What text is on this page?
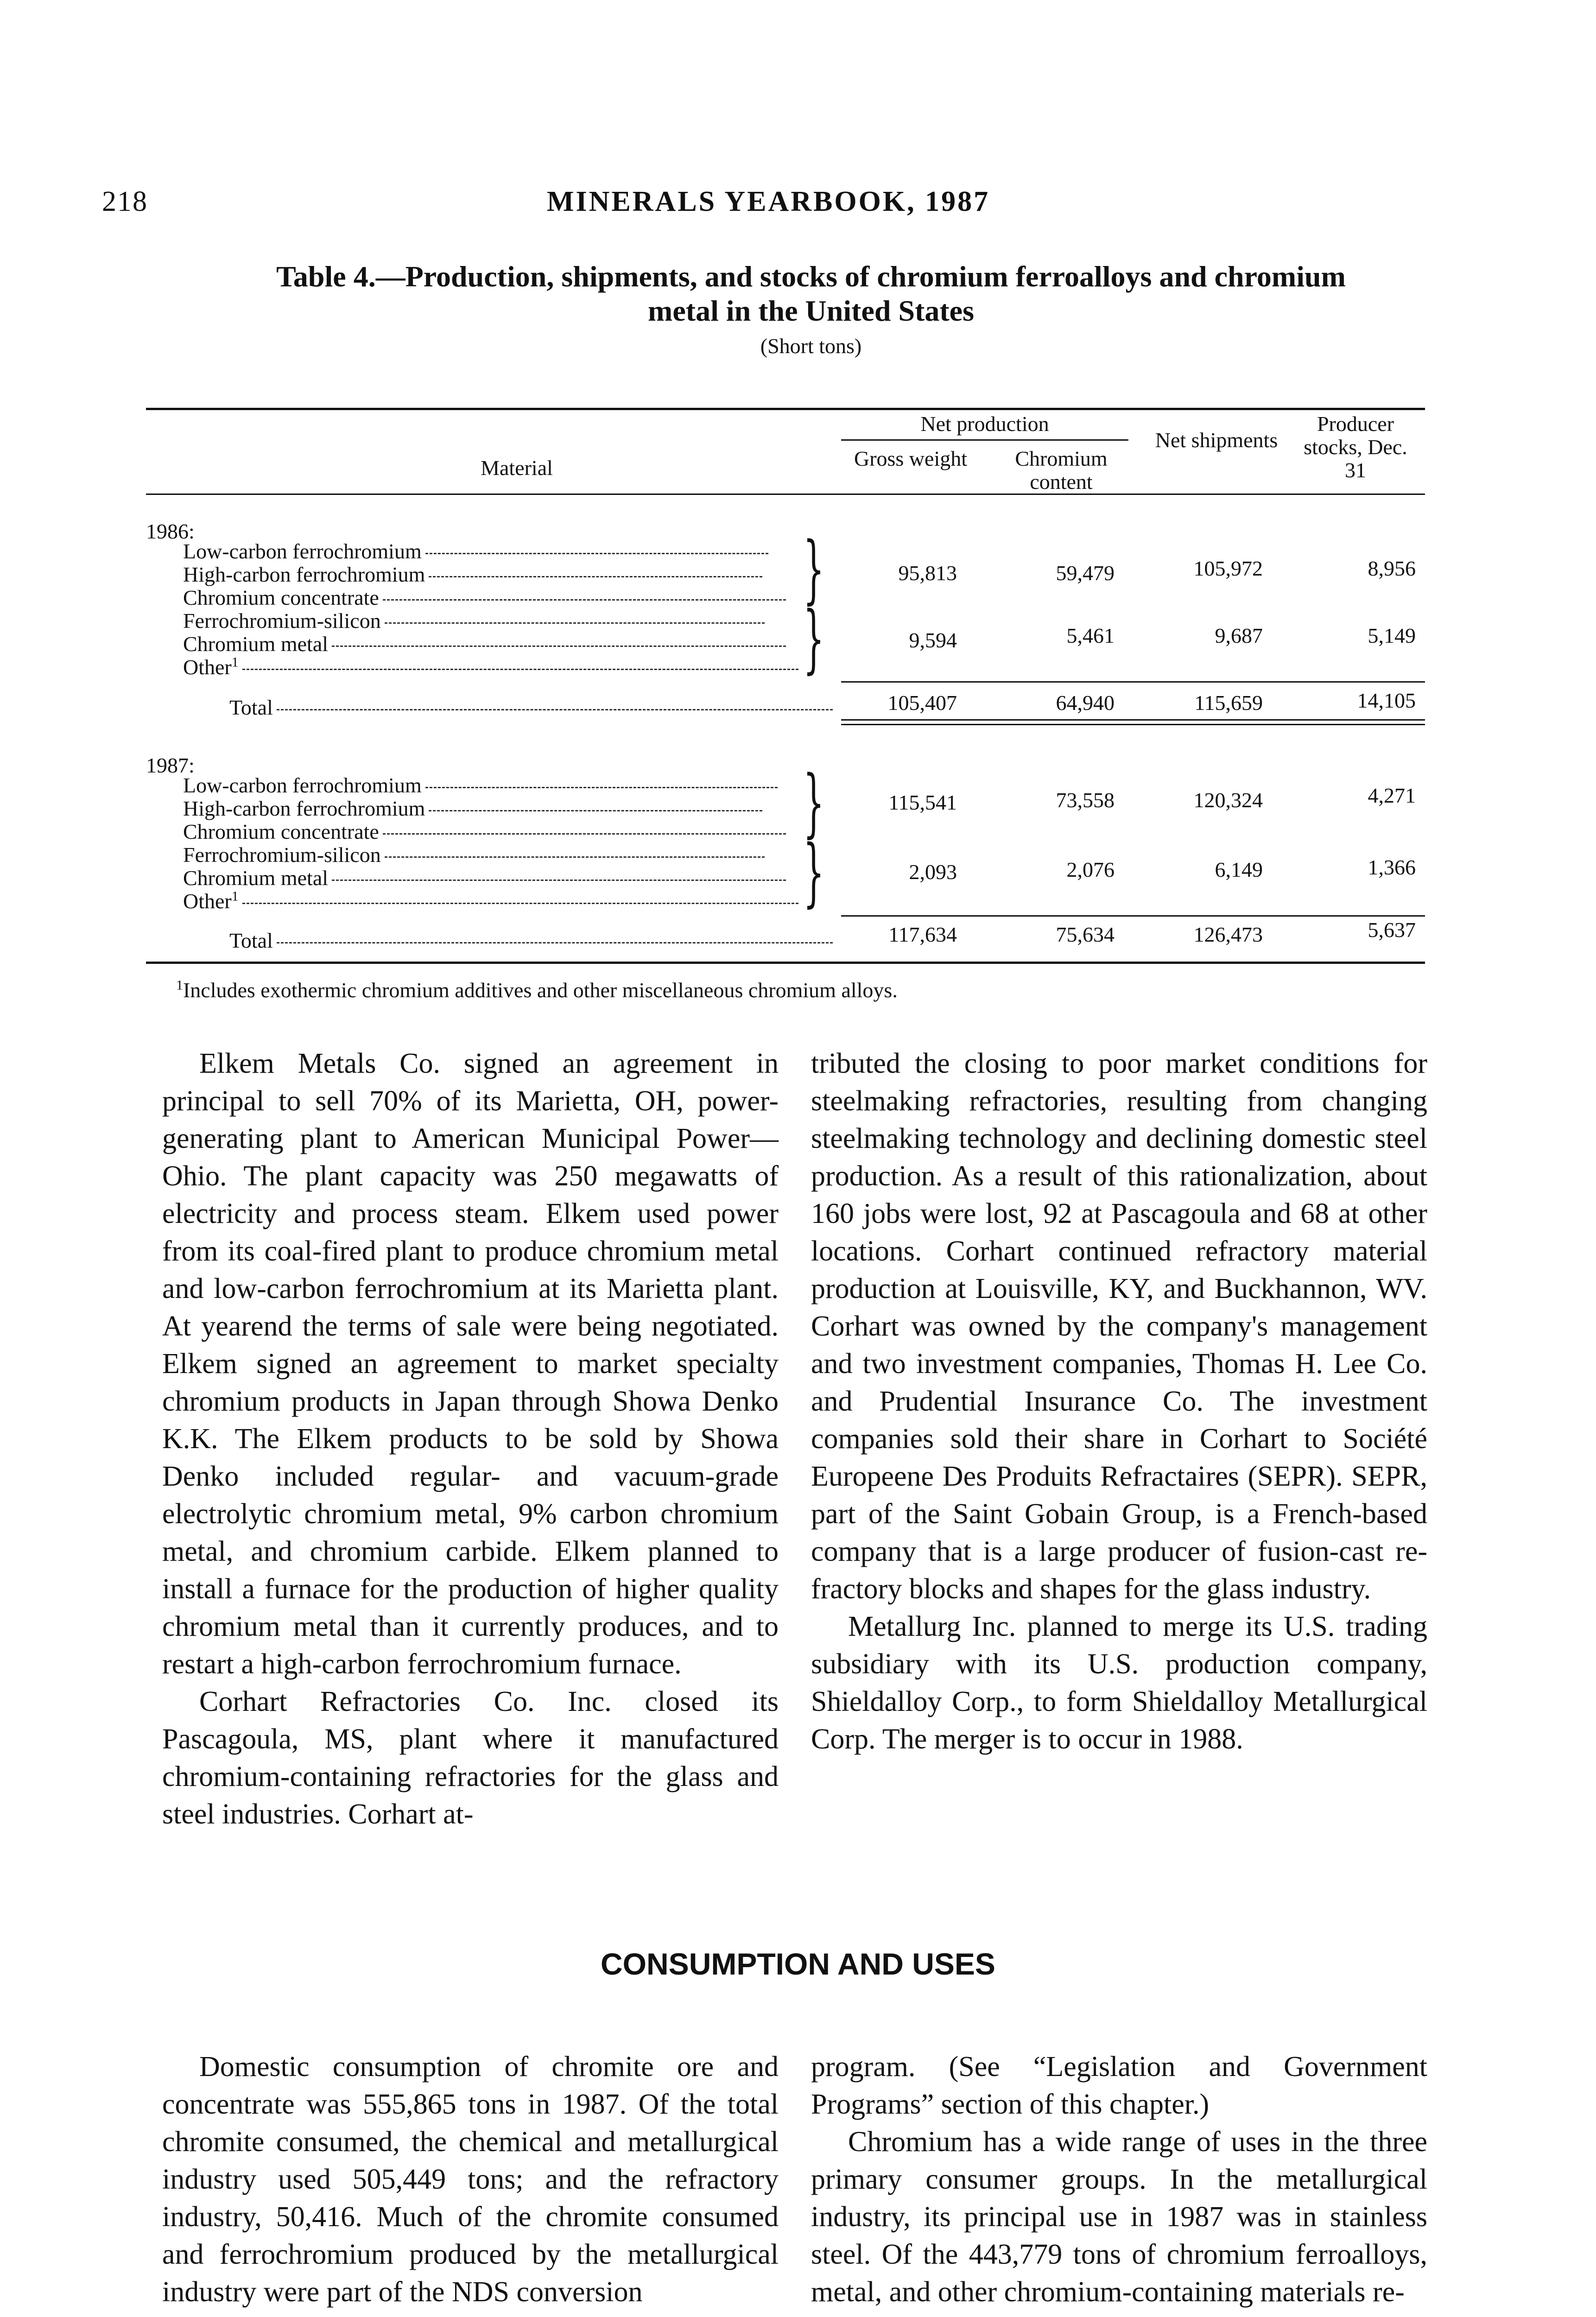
218	MINERALS YEARBOOK, 1987
Table 4.—Production, shipments, and stocks of chromium ferroalloys and chromium
metal in the United States
(Short tons)
Material
Net production
Gross weight	Chromium content
Net shipments
Producer stocks, Dec. 31
1986:
Low-carbon ferrochromium
High-carbon ferrochromium
Chromium concentrate	}	95,813	59,479	105,972	8,956
Ferrochromium-silicon
Chromium metal
Other$^1$	}	9,594	5,461	9,687	5,149
Total	105,407	64,940	115,659	14,105
1987:
Low-carbon ferrochromium
High-carbon ferrochromium
Chromium concentrate	}	115,541	73,558	120,324	4,271
Ferrochromium-silicon
Chromium metal
Other$^1$	}	2,093	2,076	6,149	1,366
Total	117,634	75,634	126,473	5,637
$^1$Includes exothermic chromium additives and other miscellaneous chromium alloys.

Elkem Metals Co. signed an agreement in principal to sell 70% of its Marietta, OH, power-generating plant to American Municipal Power—Ohio. The plant capacity was 250 megawatts of electricity and process steam. Elkem used power from its coal-fired plant to produce chromium metal and low-carbon ferrochromium at its Marietta plant. At yearend the terms of sale were being negotiated. Elkem signed an agreement to market specialty chromium products in Japan through Showa Denko K.K. The Elkem products to be sold by Showa Denko included regular- and vacuum-grade electrolytic chromium metal, 9% carbon chromium metal, and chromium carbide. Elkem planned to install a furnace for the production of higher quality chromium metal than it currently produces, and to restart a high-carbon ferrochromium furnace.

Corhart Refractories Co. Inc. closed its Pascagoula, MS, plant where it manufactured chromium-containing refractories for the glass and steel industries. Corhart at-

tributed the closing to poor market conditions for steelmaking refractories, resulting from changing steelmaking technology and declining domestic steel production. As a result of this rationalization, about 160 jobs were lost, 92 at Pascagoula and 68 at other locations. Corhart continued refractory material production at Louisville, KY, and Buckhannon, WV. Corhart was owned by the company's management and two investment companies, Thomas H. Lee Co. and Prudential Insurance Co. The investment companies sold their share in Corhart to Société Europeene Des Produits Refractaires (SEPR). SEPR, part of the Saint Gobain Group, is a French-based company that is a large producer of fusion-cast refractory blocks and shapes for the glass industry.

Metallurg Inc. planned to merge its U.S. trading subsidiary with its U.S. production company, Shieldalloy Corp., to form Shieldalloy Metallurgical Corp. The merger is to occur in 1988.

CONSUMPTION AND USES

Domestic consumption of chromite ore and concentrate was 555,865 tons in 1987. Of the total chromite consumed, the chemical and metallurgical industry used 505,449 tons; and the refractory industry, 50,416. Much of the chromite consumed and ferrochromium produced by the metallurgical industry were part of the NDS conversion

program. (See “Legislation and Government Programs” section of this chapter.)

Chromium has a wide range of uses in the three primary consumer groups. In the metallurgical industry, its principal use in 1987 was in stainless steel. Of the 443,779 tons of chromium ferroalloys, metal, and other chromium-containing materials re-
